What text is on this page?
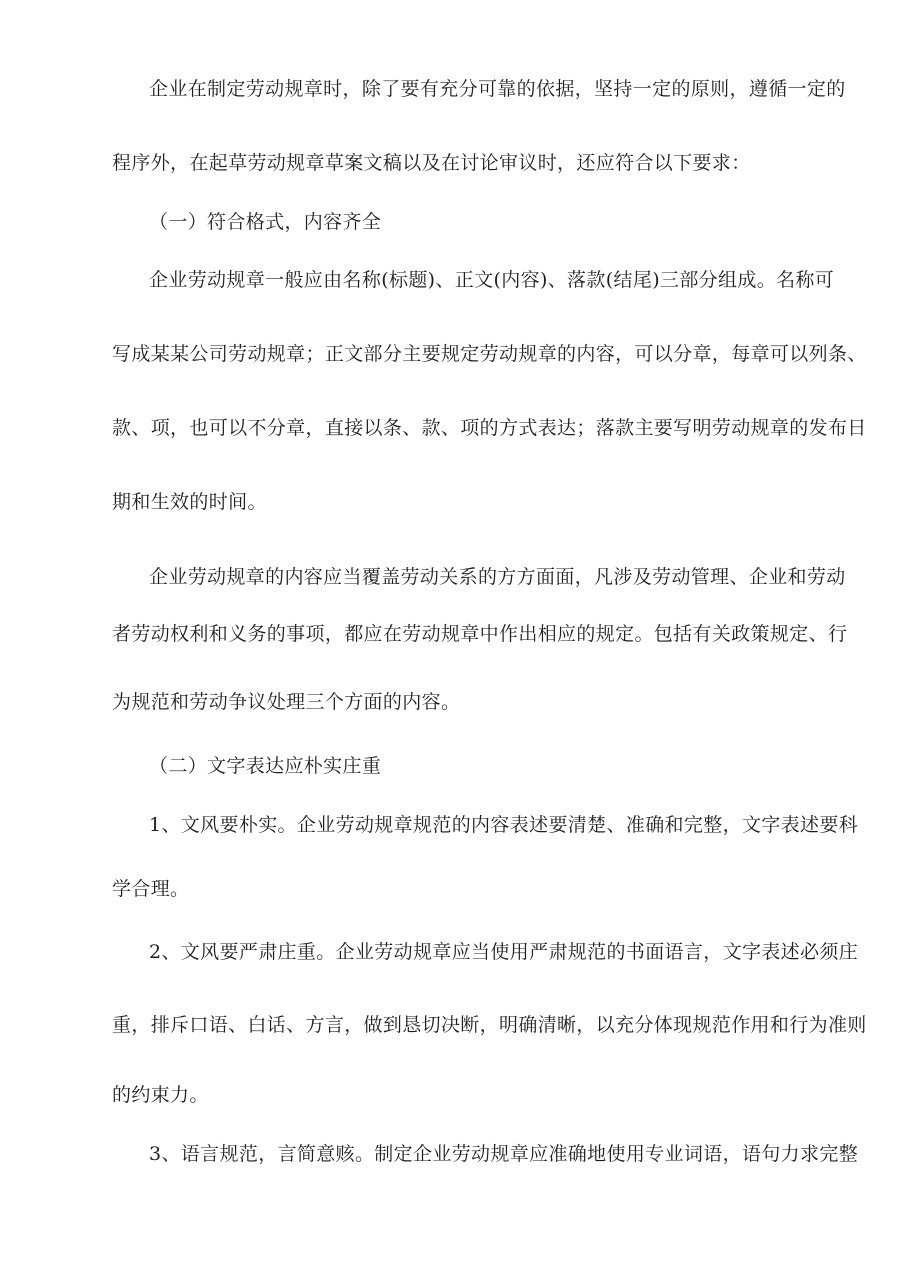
企业在制定劳动规章时，除了要有充分可靠的依据，坚持一定的原则，遵循一定的
程序外，在起草劳动规章草案文稿以及在讨论审议时，还应符合以下要求：
（一）符合格式，内容齐全
企业劳动规章一般应由名称(标题)、正文(内容)、落款(结尾)三部分组成。名称可
写成某某公司劳动规章；正文部分主要规定劳动规章的内容，可以分章，每章可以列条、
款、项，也可以不分章，直接以条、款、项的方式表达；落款主要写明劳动规章的发布日
期和生效的时间。
企业劳动规章的内容应当覆盖劳动关系的方方面面，凡涉及劳动管理、企业和劳动
者劳动权利和义务的事项，都应在劳动规章中作出相应的规定。包括有关政策规定、行
为规范和劳动争议处理三个方面的内容。
（二）文字表达应朴实庄重
1、文风要朴实。企业劳动规章规范的内容表述要清楚、准确和完整，文字表述要科
学合理。
2、文风要严肃庄重。企业劳动规章应当使用严肃规范的书面语言，文字表述必须庄
重，排斥口语、白话、方言，做到恳切决断，明确清晰，以充分体现规范作用和行为准则
的约束力。
3、语言规范，言简意赅。制定企业劳动规章应准确地使用专业词语，语句力求完整
